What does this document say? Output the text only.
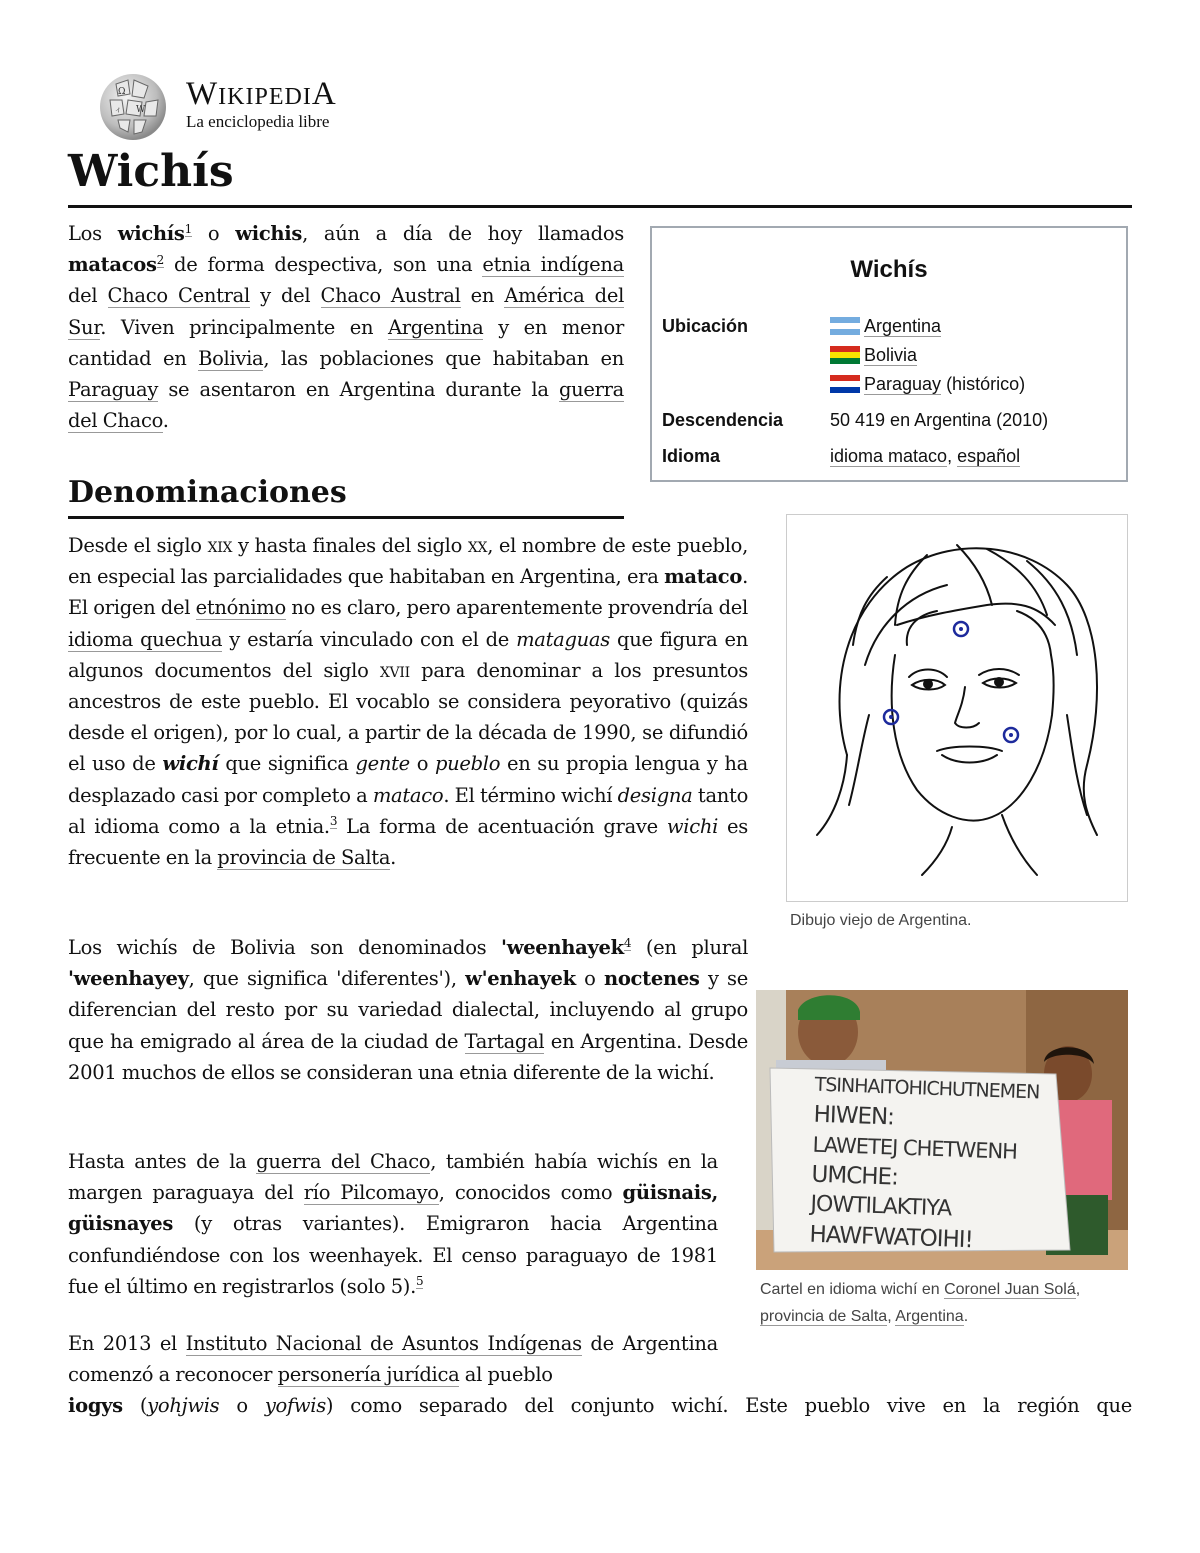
Ω
W
ィ WIKIPEDIA
La enciclopedia libre
Wichís

Los wichís$^1$ o wichis, aún a día de hoy llamados matacos$^2$ de forma despectiva, son una etnia indígena del Chaco Central y del Chaco Austral en América del Sur. Viven principalmente en Argentina y en menor cantidad en Bolivia, las poblaciones que habitaban en Paraguay se asentaron en Argentina durante la guerra del Chaco.

Wichís
Ubicación	Argentina
Bolivia
Paraguay (histórico)
Descendencia	50 419 en Argentina (2010)
Idioma	idioma mataco, español
Denominaciones

Desde el siglo xix y hasta finales del siglo xx, el nombre de este pueblo, en especial las parcialidades que habitaban en Argentina, era mataco. El origen del etnónimo no es claro, pero aparentemente provendría del idioma quechua y estaría vinculado con el de mataguas que figura en algunos documentos del siglo xvii para denominar a los presuntos ancestros de este pueblo. El vocablo se considera peyorativo (quizás desde el origen), por lo cual, a partir de la década de 1990, se difundió el uso de wichí que significa gente o pueblo en su propia lengua y ha desplazado casi por completo a mataco. El término wichí designa tanto al idioma como a la etnia.$^3$ La forma de acentuación grave wichi es frecuente en la provincia de Salta.

Los wichís de Bolivia son denominados 'weenhayek$^4$ (en plural 'weenhayey, que significa 'diferentes'), w'enhayek o noctenes y se diferencian del resto por su variedad dialectal, incluyendo al grupo que ha emigrado al área de la ciudad de Tartagal en Argentina. Desde 2001 muchos de ellos se consideran una etnia diferente de la wichí.

Hasta antes de la guerra del Chaco, también había wichís en la margen paraguaya del río Pilcomayo, conocidos como güisnais, güisnayes (y otras variantes). Emigraron hacia Argentina confundiéndose con los weenhayek. El censo paraguayo de 1981 fue el último en registrarlos (solo 5).$^5$

En 2013 el Instituto Nacional de Asuntos Indígenas de Argentina comenzó a reconocer personería jurídica al pueblo

iogys (yohjwis o yofwis) como separado del conjunto wichí. Este pueblo vive en la región que

Dibujo viejo de Argentina.
TSINHAITOHICHUTNEMEN
HIWEN:
LAWETEJ CHETWENH
UMCHE:
JOWTILAKTIYA
HAWFWATOIHI!
Cartel en idioma wichí en Coronel Juan Solá, provincia de Salta, Argentina.
